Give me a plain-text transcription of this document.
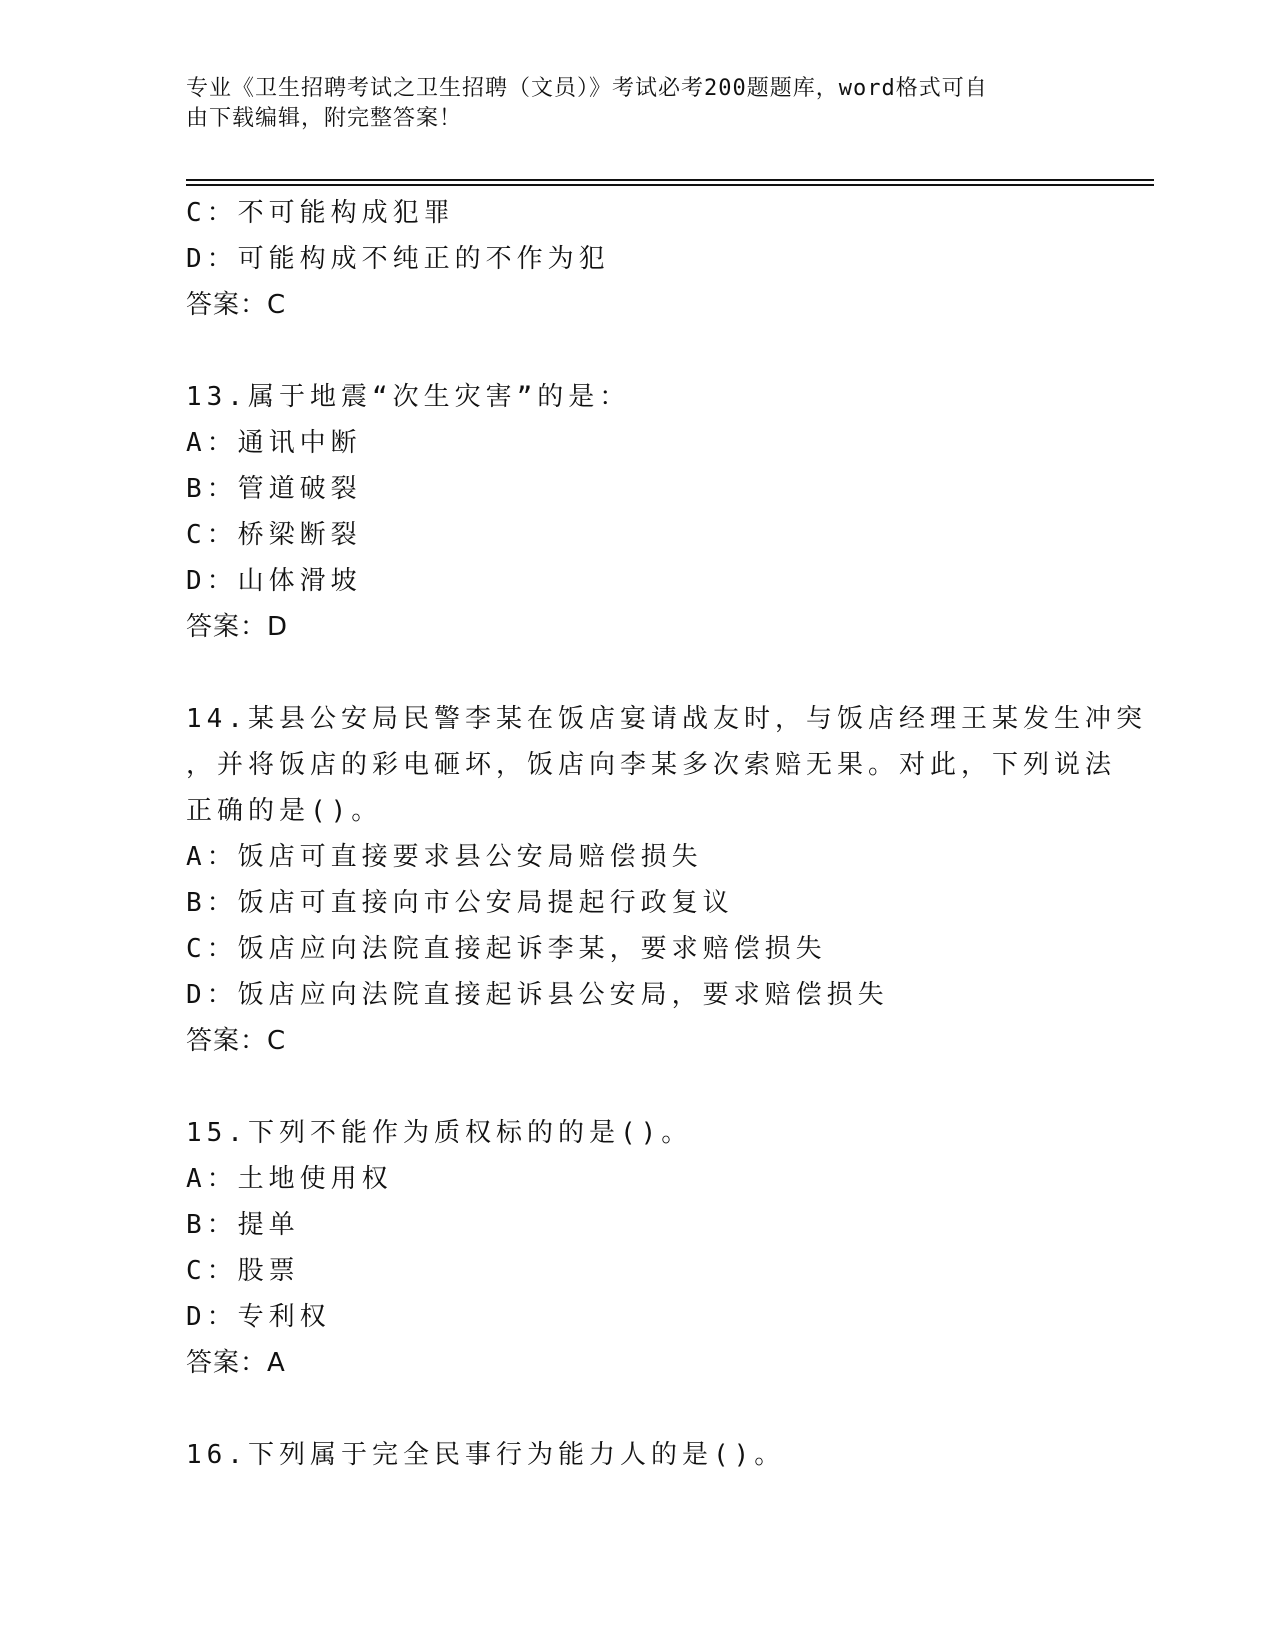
专业《卫生招聘考试之卫生招聘（文员）》考试必考200题题库，word格式可自
由下载编辑，附完整答案！
C：不可能构成犯罪
D：可能构成不纯正的不作为犯
答案：C
13.属于地震“次生灾害”的是：
A：通讯中断
B：管道破裂
C：桥梁断裂
D：山体滑坡
答案：D
14.某县公安局民警李某在饭店宴请战友时，与饭店经理王某发生冲突
，并将饭店的彩电砸坏，饭店向李某多次索赔无果。对此，下列说法
正确的是()。
A：饭店可直接要求县公安局赔偿损失
B：饭店可直接向市公安局提起行政复议
C：饭店应向法院直接起诉李某，要求赔偿损失
D：饭店应向法院直接起诉县公安局，要求赔偿损失
答案：C
15.下列不能作为质权标的的是()。
A：土地使用权
B：提单
C：股票
D：专利权
答案：A
16.下列属于完全民事行为能力人的是()。
